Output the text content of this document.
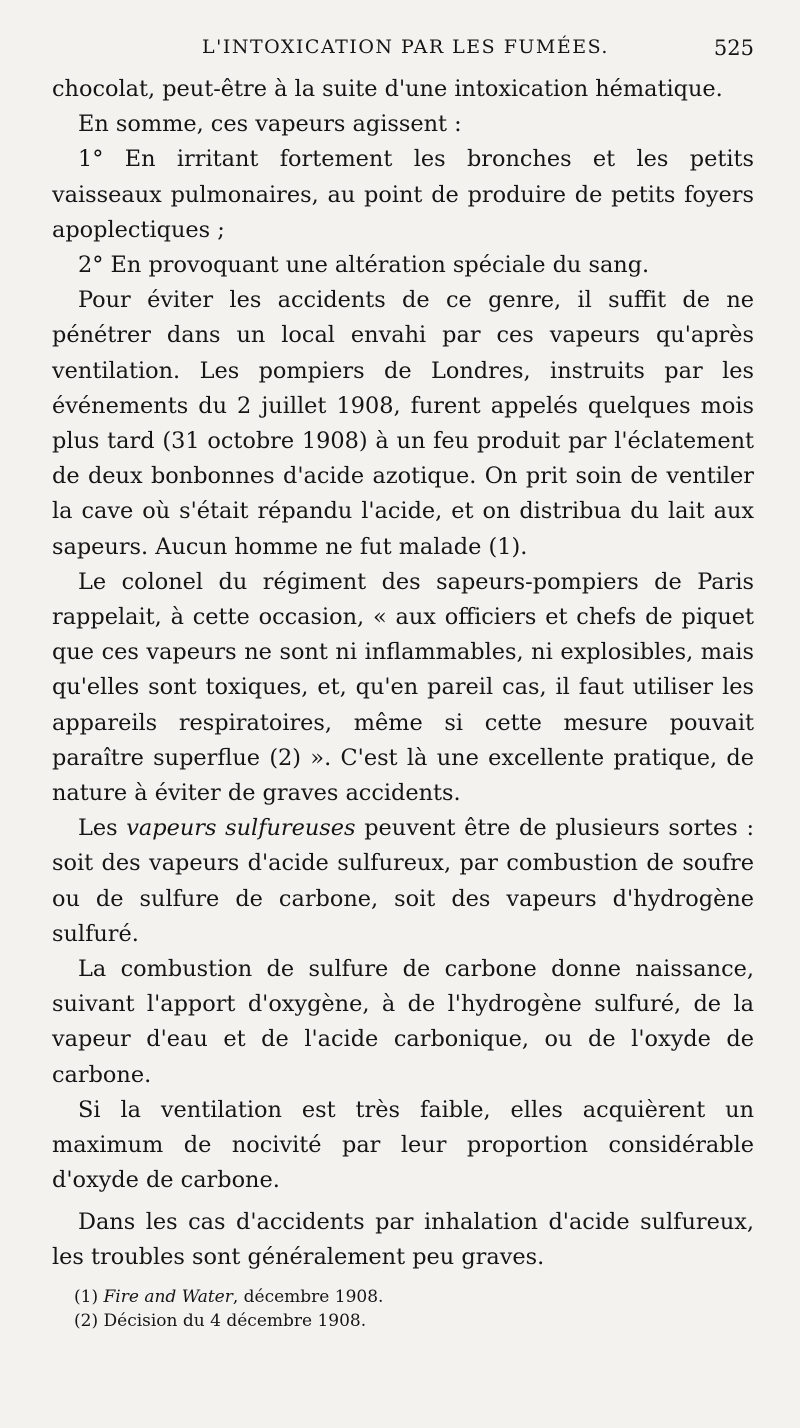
L'INTOXICATION PAR LES FUMÉES.	525

chocolat, peut-être à la suite d'une intoxication hématique.

En somme, ces vapeurs agissent :

1° En irritant fortement les bronches et les petits vaisseaux pulmonaires, au point de produire de petits foyers apoplectiques ;

2° En provoquant une altération spéciale du sang.

Pour éviter les accidents de ce genre, il suffit de ne pénétrer dans un local envahi par ces vapeurs qu'après ventilation. Les pompiers de Londres, instruits par les événements du 2 juillet 1908, furent appelés quelques mois plus tard (31 octobre 1908) à un feu produit par l'éclatement de deux bonbonnes d'acide azotique. On prit soin de ventiler la cave où s'était répandu l'acide, et on distribua du lait aux sapeurs. Aucun homme ne fut malade (1).

Le colonel du régiment des sapeurs-pompiers de Paris rappelait, à cette occasion, « aux officiers et chefs de piquet que ces vapeurs ne sont ni inflammables, ni explosibles, mais qu'elles sont toxiques, et, qu'en pareil cas, il faut utiliser les appareils respiratoires, même si cette mesure pouvait paraître superflue (2) ». C'est là une excellente pratique, de nature à éviter de graves accidents.

Les vapeurs sulfureuses peuvent être de plusieurs sortes : soit des vapeurs d'acide sulfureux, par combustion de soufre ou de sulfure de carbone, soit des vapeurs d'hydrogène sulfuré.

La combustion de sulfure de carbone donne naissance, suivant l'apport d'oxygène, à de l'hydrogène sulfuré, de la vapeur d'eau et de l'acide carbonique, ou de l'oxyde de carbone.

Si la ventilation est très faible, elles acquièrent un maximum de nocivité par leur proportion considérable d'oxyde de carbone.

Dans les cas d'accidents par inhalation d'acide sulfureux, les troubles sont généralement peu graves.

(1) Fire and Water, décembre 1908.

(2) Décision du 4 décembre 1908.
